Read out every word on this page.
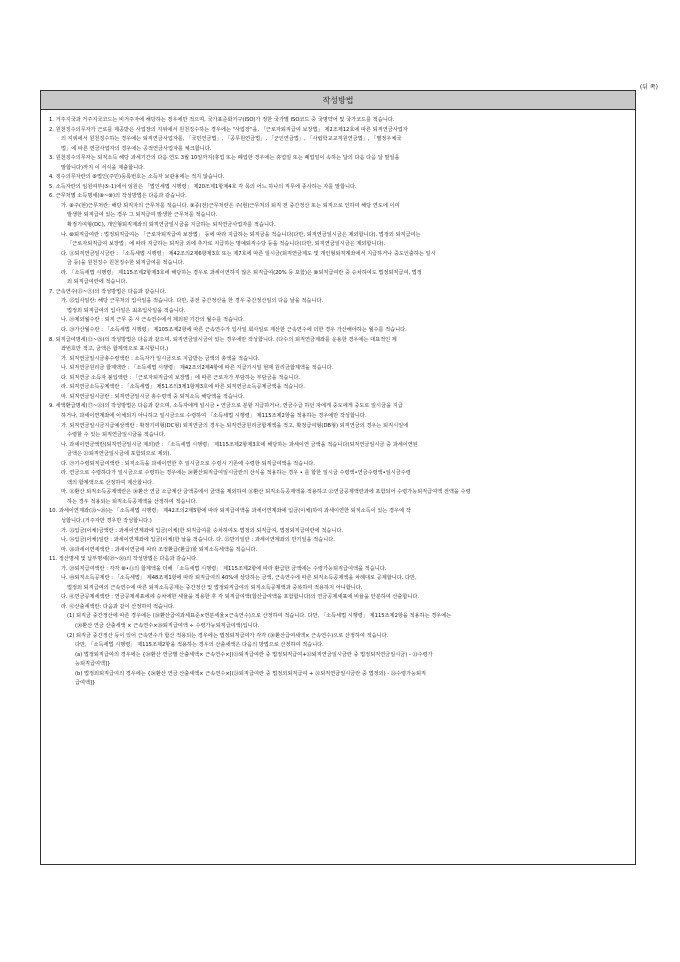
(뒤 쪽)
작성방법
1. 거주지국과 거주지국코드는 비거주자에 해당하는 경우에만 적으며, 국가표준화기구(ISO)가 정한 국가별 ISO코드 중 국명약어 및 국가코드를 적습니다.
2. 원천징수의무자가 근로를 제공받은 사업장의 지위에서 원천징수하는 경우에는 "사업장"을, 「근로자퇴직급여 보장법」 제2조제12호에 따른 퇴직연금사업자
의 지위에서 원천징수하는 경우에는 퇴직연금사업자를, 「국민연금법」, 「공무원연금법」, 「군인연금법」, 「사립학교교직원연금법」, 「별정우체국
법」에 따른 연금사업자의 경우에는 공적연금사업자를 체크합니다.
3. 원천징수의무자는 퇴직소득 해당 과세기간의 다음 연도 3월 10일까지(휴업 또는 폐업한 경우에는 휴업일 또는 폐업일이 속하는 달의 다음 다음 달 말일을
말합니다)까지 이 서식을 제출합니다.
4. 징수의무자란의 ⑥법인(주민)등록번호는 소득자 보관용에는 적지 않습니다.
5. 소득자란의 임원여부(⑤-1)에서 임원은 「법인세법 시행령」 제20조제1항제4호 각 목의 어느 하나의 직무에 종사하는 자를 말합니다.
6. 근무처별 소득명세(⑧~⑩)의 작성방법은 다음과 같습니다.
가. ⑧주(현)근무처란: 해당 퇴직자의 근무처를 적습니다. ⑨종(전)근무처란은 주(현)근무처의 퇴직 전 중간정산 또는 퇴직으로 인하여 해당 연도에 이미
발생한 퇴직급여 있는 경우 그 퇴직급여 발생한 근무처를 적습니다.
확정기여형(DC), 개인형퇴직계좌의 퇴직연금일시금을 지급하는 퇴직연금사업자를 적습니다.
나. ⑩퇴직급여란 : 법정퇴직급여는 「근로자퇴직급여 보장법」 등에 따라 지급하는 퇴직금을 적습니다(다만, 퇴직연금일시금은 제외합니다). 법정외 퇴직급여는
「근로자퇴직급여 보장법」에 따라 지급하는 퇴직금 외에 추가로 지급하는 명예퇴직수당 등을 적습니다(다만, 퇴직연금일시금은 제외합니다).
다. ⑪퇴직연금일시금란 : 「소득세법 시행령」 제42조의2제6항제3호 또는 제7호에 따른 일시금(퇴직연금제도 및 개인형퇴직계좌에서 지급하거나 중도인출하는 일시
금 등)을 원천징수 원천징수한 퇴직급여를 적습니다.
라. 「소득세법 시행령」 제115조제2항제3호에 해당하는 경우로 과세이연하지 않은 퇴직급여(20% 등 포함)은 ⑩퇴직급여란 중 승차하여도 법정퇴직급여, 법정
외 퇴직급여란에 적습니다.
7. 근속연수(⑮~㉑)의 작성방법은 다음과 같습니다.
가. ⑮입사일란: 해당 근무처의 입사일을 적습니다. 다만, 종전 중간정산을 한 경우 중간정산일의 다음 날을 적습니다.
법정외 퇴직급여의 입사일은 최초입사일을 적습니다.
나. ⑲제외월수란 : 퇴직 근무 중 시 근속연수에서 제외된 기간의 월수를 적습니다.
다. ⑳가산월수란 : 「소득세법 시행령」 제105조제2항에 따른 근속연수가 입사일 회사일로 계산한 근속연수에 더한 경우 가산해야하는 월수를 적습니다.
8. 퇴직급여명세(㉒~㉖)의 작성방법은 다음과 같으며, 퇴직연금일시금이 있는 경우에만 작성합니다. (다수의 퇴직연금계좌를 운용한 경우에는 대표적인 계
좌번호만 적고, 금액은 합계액으로 표시합니다.)
가. 퇴직연금일시금총수령액란 : 소득자가 일시금으로 지급받는 금액의 총액을 적습니다.
나. 퇴직연금원리금 합계액란 : 「소득세법 시행령」 제42조의2제4항에 따른 지급기시일 현재 원리금합계액을 적습니다.
다. 퇴직연금 소득자 불입액란 : 「근로자퇴직급여 보장법」에 따른 근로자가 부담하는 부담금을 적습니다.
라. 퇴직연금소득공제액란 : 「소득세법」 제51조의3제1항제3호에 따른 퇴직연금소득공제금액을 적습니다.
마. 퇴직연금일시금란 : 퇴직연금일시금 총수령액 중 퇴직소득 해당액을 적습니다.
9. 세액환급명세(㉗~㉜)의 작성방법은 다음과 같으며, 소득자에게 일시금 • 연금으로 분할 지급하거나, 연금수급 하던 자에게 중도에게 중도로 일시금을 지급
하거나, 과세이연계좌에 이체되지 아니하고 일시금으로 수령하여 「소득세법 시행령」 제115조제2항을 적용하는 경우에만 작성합니다.
가. 퇴직연금일시금지급예상액란 : 확정기여형(DC형) 퇴직연금의 경우는 퇴직연금원리금합계액을 적고, 확정급여형(DB형) 퇴직연금의 경우는 퇴직시일에
수령할 수 있는 퇴직연금일시금을 적습니다.
나. 과세이연금액란(퇴직연금일시금 제외)란 : 「소득세법 시행령」 제115조제2항제3호에 해당하는 과세이연 금액을 적습니다(퇴직연금일시금 중 과세이연된
금액은 ㉜퇴직연금일시금에 포함되므로 제외).
다. ㉙기수령퇴직급여액란 : 퇴직소득을 과세이연한 후 일시금으로 수령시 기존에 수령한 퇴직급여액을 적습니다.
라. 연금으로 수령하다가 일시금으로 수령하는 경우에는 ㉚환산퇴직급여일시금란의 산식을 적용하는 경우 • 를 합한 일시금 수령액•연금수령액•일시금수령
액의 합계액으로 산정하여 계산합니다.
마. ㉛환산 퇴직소득공제액란은 ㉚환산 연금 소급계산 금액중에서 금액을 제외하여 ㉛환산 퇴직소득공제액을 적용하고 ㉜연금공제액란과에 포함되어 수령가능퇴직급여액 전액을 수령
하는 경우 적용되는 퇴직소득공제액을 산정하여 적습니다.
10. 과세이연계좌(㉝~㊳)는 「소득세법 시행령」 제42조의2제5항에 따라 퇴직급여액을 과세이연계좌에 입금(이체)하여 과세이연한 퇴직소득이 있는 경우에 작
성합니다.(거주자만 경우만 작성합니다.)
가. ㉝입금(이체)금액란 : 과세이연계좌에 입금(이체)한 퇴직급여를 승차하여도 법정외 퇴직급여, 법정퇴직급여란에 적습니다.
나. ㉞입금(이체)일란 : 과세이연계좌에 입금(이체)한 날을 적습니다. 다. ㉟만기일란 : 과세이연계좌의 만기일을 적습니다.
마. ㊳과세이연세액란 : 과세이연금에 따라 조정환급(환급)할 퇴직소득세액을 적습니다.
11. 정산명세 및 납부명세(㊴~㊿)의 작성방법은 다음과 같습니다.
가. ㊴퇴직급여액란 : 각각 ⑩•⑪의 합계액을 더해 「소득세법 시행령」 제115조제2항에 따라 환급한 금액에는 수령가능퇴직급여액을 적습니다.
나. ㊵퇴직소득공제란 : 「소득세법」 제48조제1항에 따라 퇴직급여의 40%에 상당하는 금액, 근속연수에 따른 퇴직소득공제액을 차례대로 공제합니다. 다만,
법정외 퇴직급여의 근속연수에 따른 퇴직소득공제는 중간정산 및 법정퇴직급여의 퇴직소득공제액과 중복하여 적용하지 아니합니다.
다. ㊶연금공제세액란 : 연금공제세표에에 승차에한 세율을 적용한 후 각 퇴직급여액(합산급여액을 포함합니다)의 연금공제세표에 비율을 안분하여 산출합니다.
라. ㊷산출세액란: 다음과 같이 산정하여 적습니다.
(1) 퇴직금 중간정산에 따른 경우에는 (㊳환산급여과세표준×연분세율×근속연수)으로 산정하여 적습니다. 다만, 「소득세법 시행령」 제115조제2항을 적용하는 경우에는
(㉚환산 연금 산출세액 × 근속연수×㊳퇴직급여액 ÷ 수령가능퇴직급여액)입니다.
(2) 퇴직금 중간정산 등이 있어 근속연수가 합산 적용되는 경우에는 법정퇴직급여가 각각 (㉚환산급여세액× 근속연수)으로 산정하여 적습니다.
다만, 「소득세법 시행령」 제115조제2항을 적용하는 경우의 산출세액은 다음의 방법으로 산정하여 적습니다.
(a) 법정퇴직급여의 경우에는 {㉚환산 연금별 산출세액× 근속연수×[(㉛퇴직급여란 중 법정퇴직급여+㉜퇴직연금일시금란 중 법정퇴직연금일시금) - ㉝수령가
능퇴직급여액]}
(b) 법정외퇴직급여의 경우에는 {㉚환산 연금 산출세액× 근속연수×[(㉛퇴직급여란 중 법정외퇴직급여 + ㉜퇴직연금일시금란 중 법정외) - ㉝수령가능퇴직
급여액]}
